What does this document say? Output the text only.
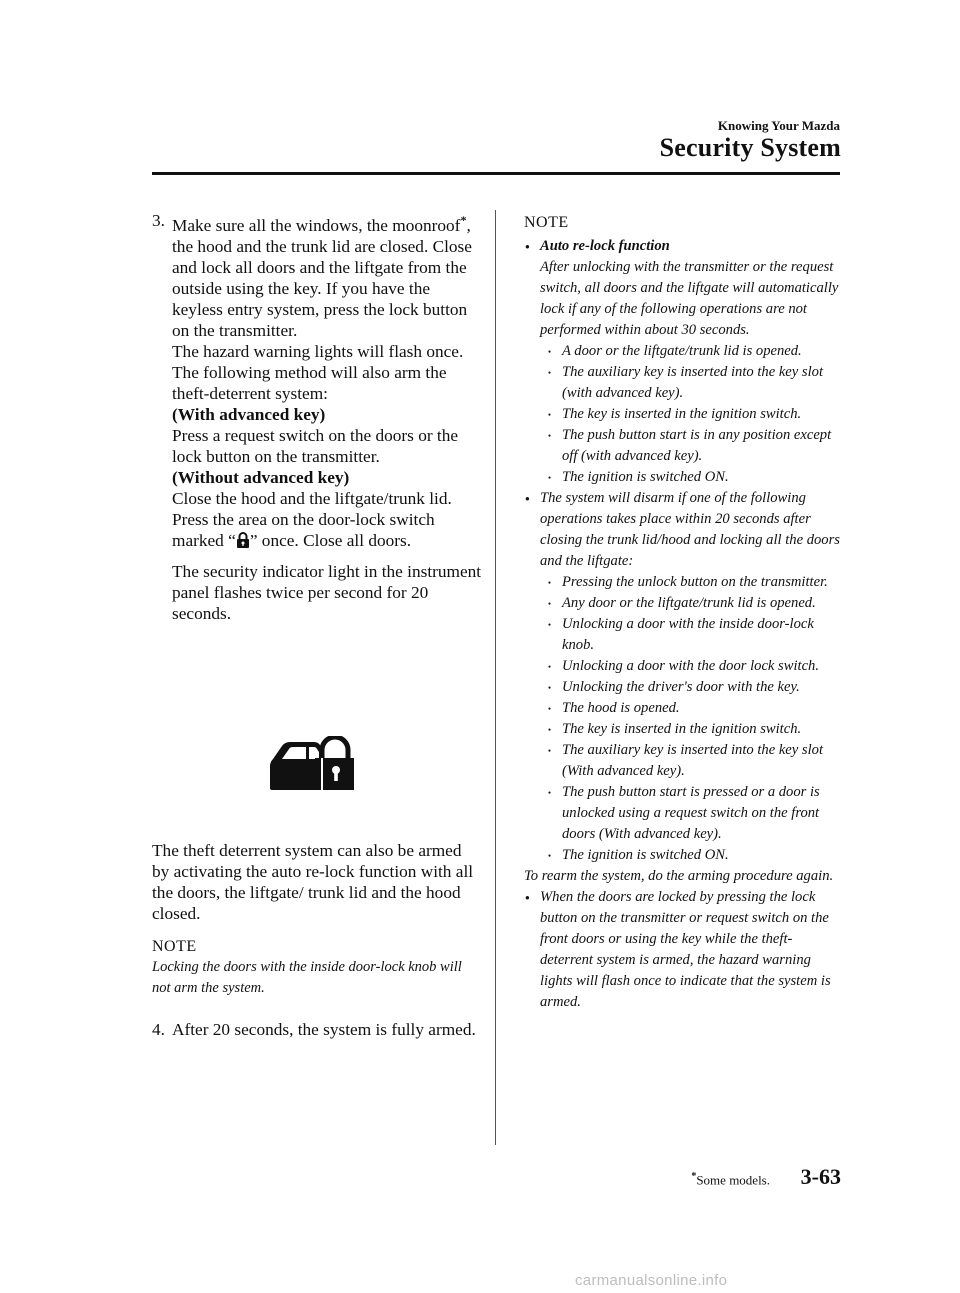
Knowing Your Mazda
Security System
3. Make sure all the windows, the moonroof*, the hood and the trunk lid are closed. Close and lock all doors and the liftgate from the outside using the key. If you have the keyless entry system, press the lock button on the transmitter.

The hazard warning lights will flash once.

The following method will also arm the theft-deterrent system:

(With advanced key)

Press a request switch on the doors or the lock button on the transmitter.

(Without advanced key)

Close the hood and the liftgate/trunk lid. Press the area on the door-lock switch marked “ ” once. Close all doors.

The security indicator light in the instrument panel flashes twice per second for 20 seconds.

The theft deterrent system can also be armed by activating the auto re-lock function with all the doors, the liftgate/ trunk lid and the hood closed.

NOTE

Locking the doors with the inside door-lock knob will not arm the system.

4. After 20 seconds, the system is fully armed.

NOTE

● Auto re-lock function
After unlocking with the transmitter or the request switch, all doors and the liftgate will automatically lock if any of the following operations are not performed within about 30 seconds.
● A door or the liftgate/trunk lid is opened.
● The auxiliary key is inserted into the key slot (with advanced key).
● The key is inserted in the ignition switch.
● The push button start is in any position except off (with advanced key).
● The ignition is switched ON.
● The system will disarm if one of the following operations takes place within 20 seconds after closing the trunk lid/hood and locking all the doors and the liftgate:
● Pressing the unlock button on the transmitter.
● Any door or the liftgate/trunk lid is opened.
● Unlocking a door with the inside door-lock knob.
● Unlocking a door with the door lock switch.
● Unlocking the driver's door with the key.
● The hood is opened.
● The key is inserted in the ignition switch.
● The auxiliary key is inserted into the key slot (With advanced key).
● The push button start is pressed or a door is unlocked using a request switch on the front doors (With advanced key).
● The ignition is switched ON.
To rearm the system, do the arming procedure again.
● When the doors are locked by pressing the lock button on the transmitter or request switch on the front doors or using the key while the theft-deterrent system is armed, the hazard warning lights will flash once to indicate that the system is armed.
*Some models. 3-63
carmanualsonline.info
